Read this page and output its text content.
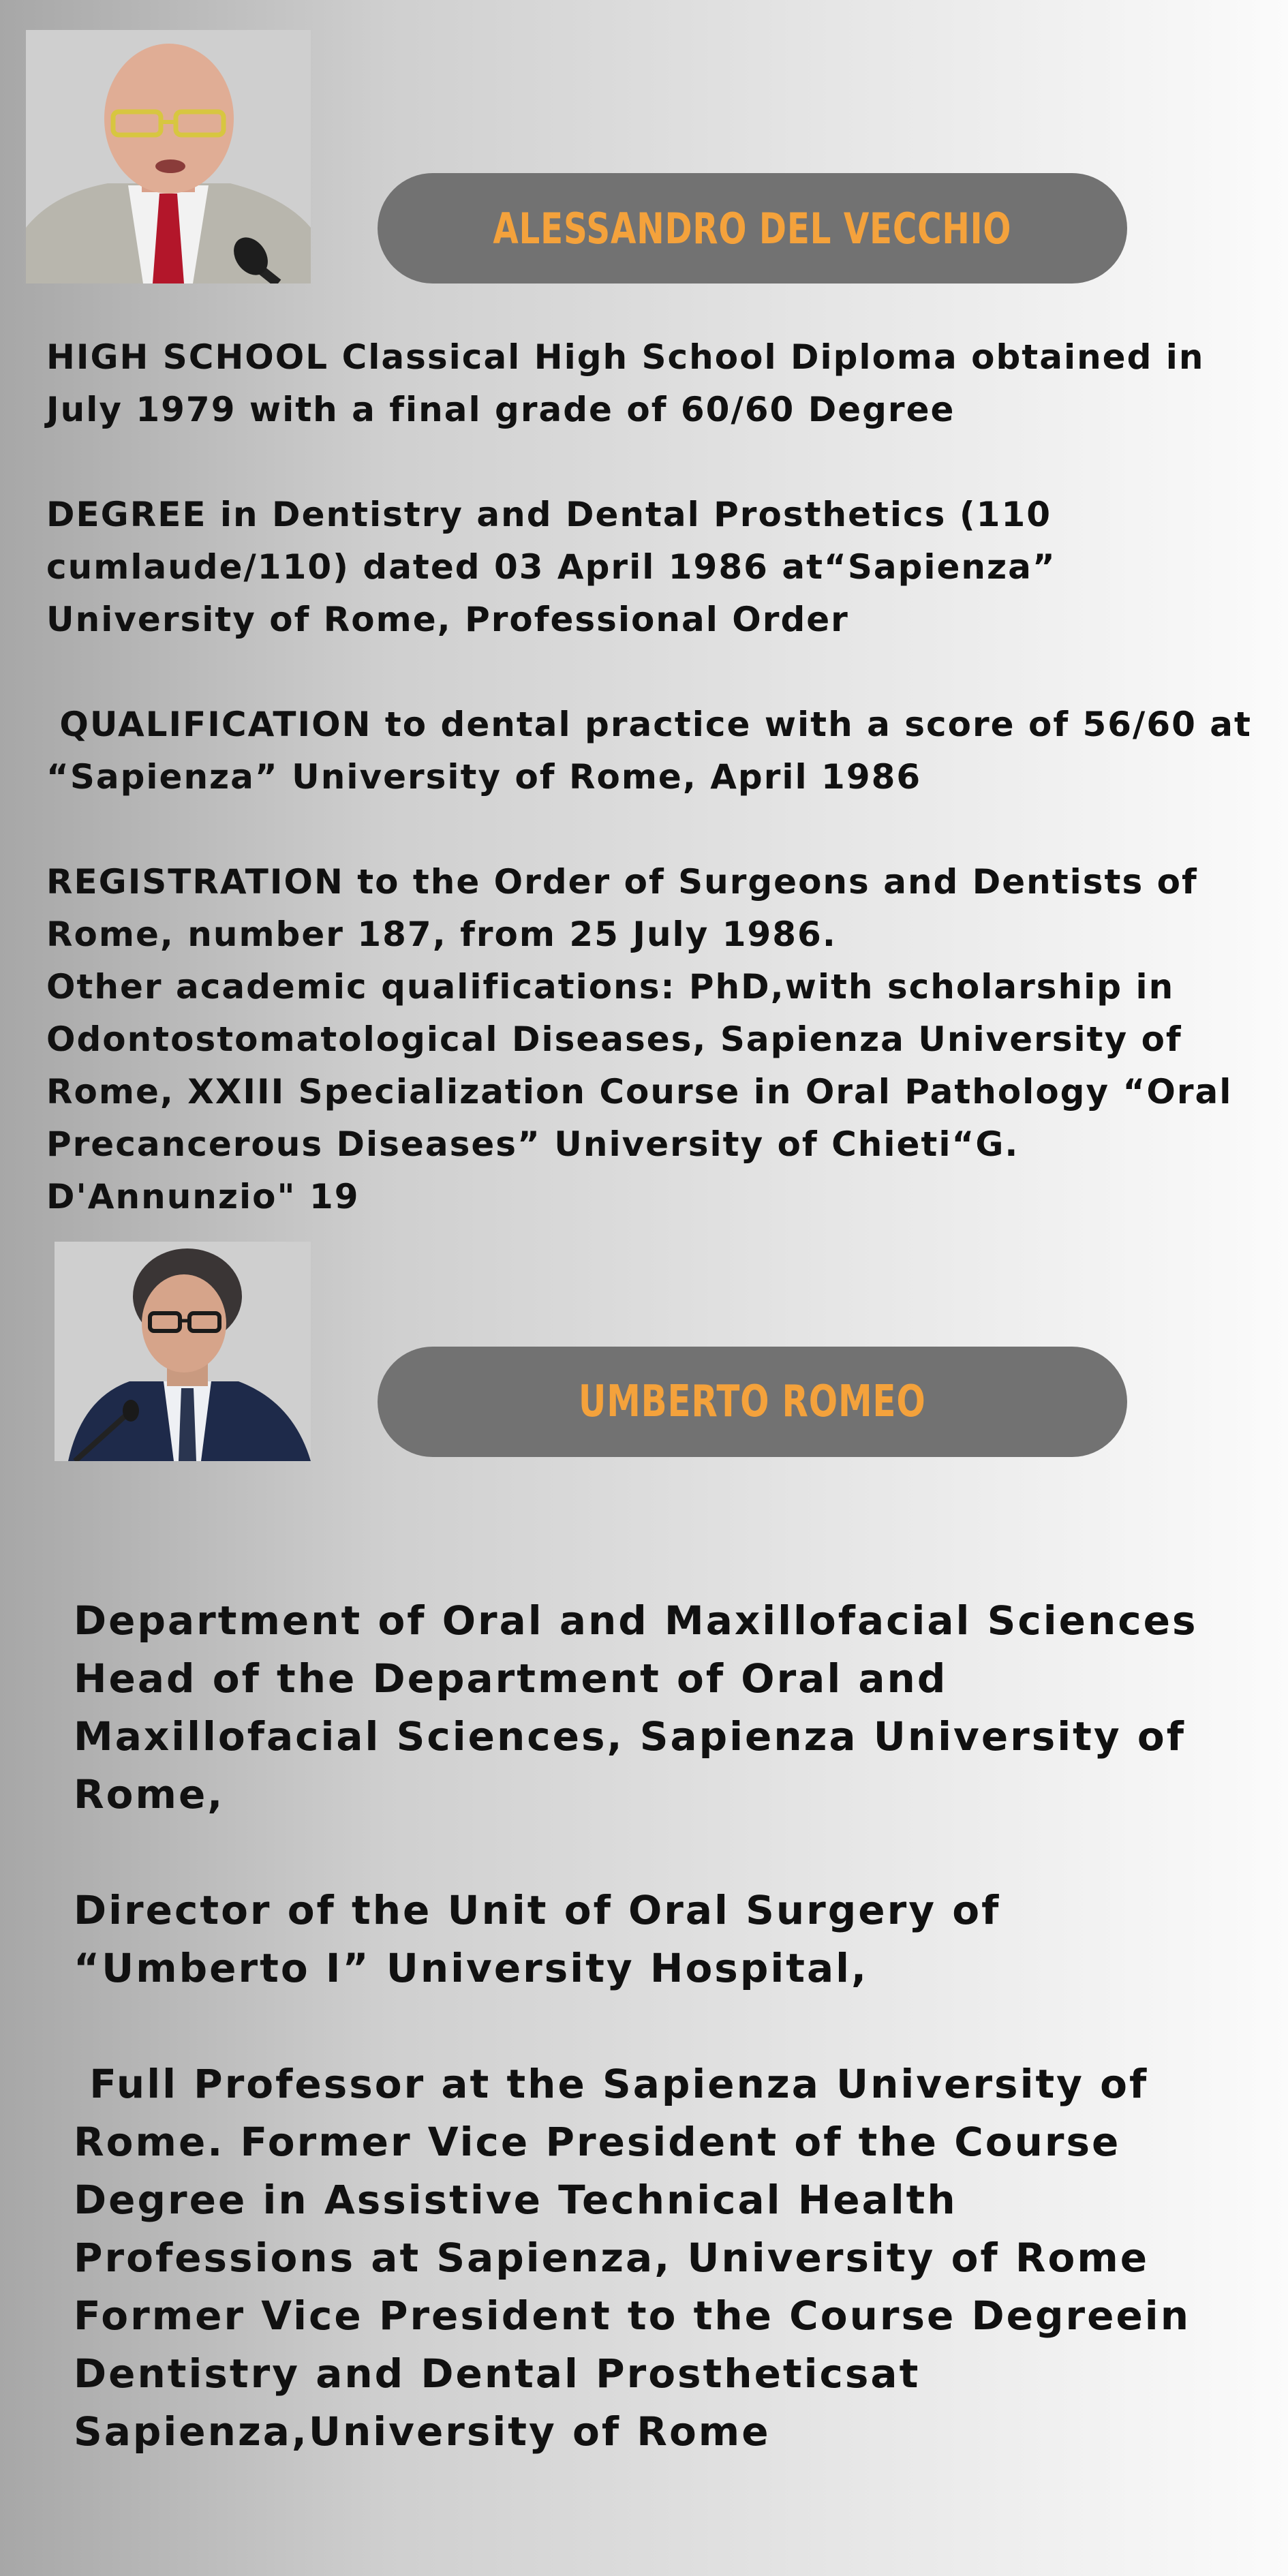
ALESSANDRO DEL VECCHIO

HIGH SCHOOL Classical High School Diploma obtained in July 1979 with a final grade of 60/60 Degree

DEGREE in Dentistry and Dental Prosthetics (110 cumlaude/110) dated 03 April 1986 at“Sapienza” University of Rome, Professional Order

QUALIFICATION to dental practice with a score of 56/60 at “Sapienza” University of Rome, April 1986

REGISTRATION to the Order of Surgeons and Dentists of Rome, number 187, from 25 July 1986.

Other academic qualifications: PhD,with scholarship in Odontostomatological Diseases, Sapienza University of Rome, XXIII Specialization Course in Oral Pathology “Oral Precancerous Diseases” University of Chieti“G. D'Annunzio" 19

UMBERTO ROMEO

Department of Oral and Maxillofacial Sciences Head of the Department of Oral and Maxillofacial Sciences, Sapienza University of Rome,

Director of the Unit of Oral Surgery of “Umberto I” University Hospital,

Full Professor at the Sapienza University of Rome. Former Vice President of the Course Degree in Assistive Technical Health Professions at Sapienza, University of Rome Former Vice President to the Course Degreein Dentistry and Dental Prostheticsat Sapienza,University of Rome
